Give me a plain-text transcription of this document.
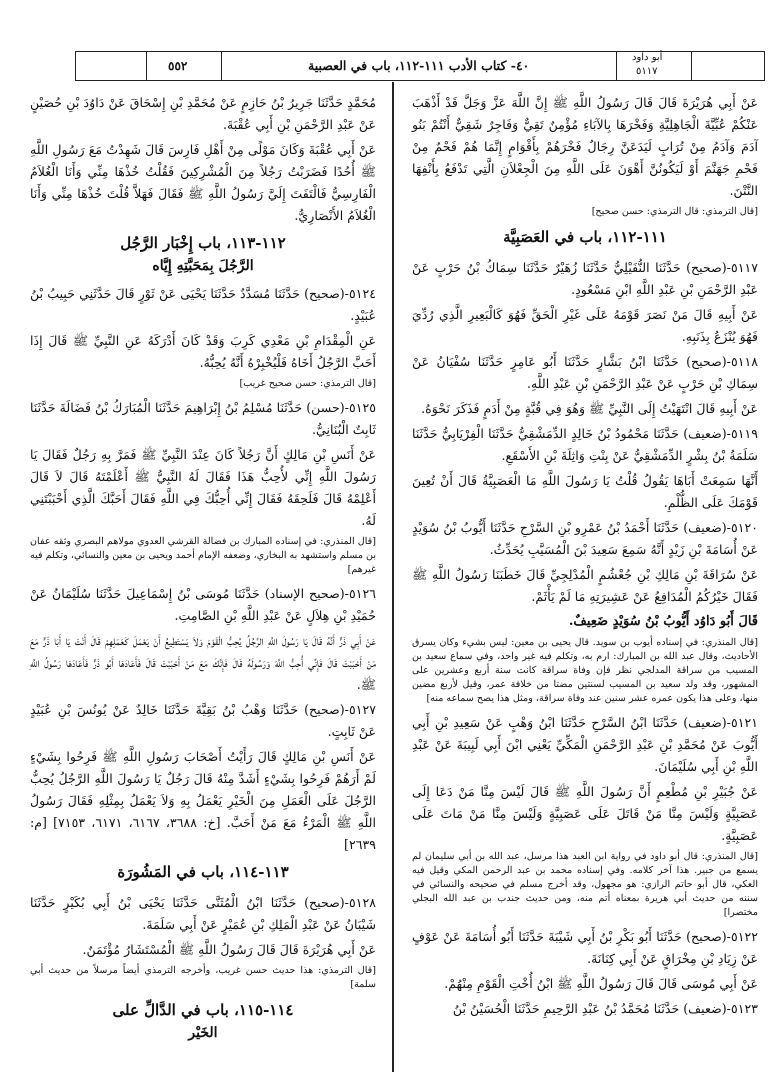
٥٥٢	٤٠- كتاب الأدب ١١١-١١٢، باب في العصبية
أبو داود
٥١١٧

عَنْ أَبِي هُرَيْرَةَ قَالَ قَالَ رَسُولُ اللَّهِ ﷺ إِنَّ اللَّهَ عَزَّ وَجَلَّ قَدْ أَذْهَبَ عَنْكُمْ عُبِّيَّةَ الْجَاهِلِيَّةِ وَفَخْرَهَا بِالآبَاءِ مُؤْمِنٌ تَقِيٌّ وَفَاجِرٌ شَقِيٌّ أَنْتُمْ بَنُو آدَمَ وَآدَمُ مِنْ تُرَابٍ لَيَدَعَنَّ رِجَالٌ فَخْرَهُمْ بِأَقْوَامٍ إِنَّمَا هُمْ فَحْمٌ مِنْ فَحْمِ جَهَنَّمَ أَوْ لَيَكُونُنَّ أَهْوَنَ عَلَى اللَّهِ مِنَ الْجِعْلاَنِ الَّتِي تَدْفَعُ بِأَنْفِهَا النَّتْنَ.

[قال الترمذي: قال الترمذي: حسن صحيح]

١١١-١١٢، باب في العَصَبِيَّة

٥١١٧-(صحيح) حَدَّثَنَا النُّفَيْلِيُّ حَدَّثَنَا زُهَيْرٌ حَدَّثَنَا سِمَاكُ بْنُ حَرْبٍ عَنْ عَبْدِ الرَّحْمَنِ بْنِ عَبْدِ اللَّهِ ابْنِ مَسْعُودٍ.

عَنْ أَبِيهِ قَالَ مَنْ نَصَرَ قَوْمَهُ عَلَى غَيْرِ الْحَقِّ فَهُوَ كَالْبَعِيرِ الَّذِي رُدِّيَ فَهُوَ يُنْزَعُ بِذَنَبِهِ.

٥١١٨-(صحيح) حَدَّثَنَا ابْنُ بَشَّارٍ حَدَّثَنَا أَبُو عَامِرٍ حَدَّثَنَا سُفْيَانُ عَنْ سِمَاكِ بْنِ حَرْبٍ عَنْ عَبْدِ الرَّحْمَنِ بْنِ عَبْدِ اللَّهِ.

عَنْ أَبِيهِ قَالَ انْتَهَيْتُ إِلَى النَّبِيِّ ﷺ وَهُوَ فِي قُبَّةٍ مِنْ أَدَمٍ فَذَكَرَ نَحْوَهُ.

٥١١٩-(ضعيف) حَدَّثَنَا مَحْمُودُ بْنُ خَالِدٍ الدِّمَشْقِيُّ حَدَّثَنَا الْفِرْيَابِيُّ حَدَّثَنَا سَلَمَةُ بْنُ بِشْرٍ الدِّمَشْقِيُّ عَنْ بِنْتِ وَاثِلَةَ بْنِ الأَسْقَعِ.

أَنَّهَا سَمِعَتْ أَبَاهَا يَقُولُ قُلْتُ يَا رَسُولَ اللَّهِ مَا الْعَصَبِيَّةُ قَالَ أَنْ تُعِينَ قَوْمَكَ عَلَى الظُّلْمِ.

٥١٢٠-(ضعيف) حَدَّثَنَا أَحْمَدُ بْنُ عَمْرِو بْنِ السَّرْحِ حَدَّثَنَا أَيُّوبُ بْنُ سُوَيْدٍ عَنْ أُسَامَةَ بْنِ زَيْدٍ أَنَّهُ سَمِعَ سَعِيدَ بْنَ الْمُسَيَّبِ يُحَدِّثُ.

عَنْ سُرَاقَةَ بْنِ مَالِكِ بْنِ جُعْشُمٍ الْمُدْلِجِيِّ قَالَ خَطَبَنَا رَسُولُ اللَّهِ ﷺ فَقَالَ خَيْرُكُمُ الْمُدَافِعُ عَنْ عَشِيرَتِهِ مَا لَمْ يَأْثَمْ.

قَالَ أَبُو دَاوُد أَيُّوبُ بْنُ سُوَيْدٍ ضَعِيفٌ.

[قال المنذري: في إسناده أيوب بن سويد. قال يحيى بن معين: ليس بشيء وكان يسرق الأحاديث، وقال عبد الله بن المبارك: ارم به، وتكلم فيه غير واحد، وفي سماع سعيد بن المسيب من سراقة المدلجي نظر فإن وفاة سراقة كانت سنة أربع وعشرين على المشهور، وقد ولد سعيد بن المسيب لسنتين مضتا من خلافة عمر، وقيل لأربع مضين منها، وعلى هذا يكون عمره عشر سنين عند وفاة سراقة، ومثل هذا يصح سماعه منه]

٥١٢١-(ضعيف) حَدَّثَنَا ابْنُ السَّرْحِ حَدَّثَنَا ابْنُ وَهْبٍ عَنْ سَعِيدِ بْنِ أَبِي أَيُّوبَ عَنْ مُحَمَّدِ بْنِ عَبْدِ الرَّحْمَنِ الْمَكِّيِّ يَعْنِي ابْنَ أَبِي لَبِيبَةَ عَنْ عَبْدِ اللَّهِ بْنِ أَبِي سُلَيْمَانَ.

عَنْ جُبَيْرِ بْنِ مُطْعِمٍ أَنَّ رَسُولَ اللَّهِ ﷺ قَالَ لَيْسَ مِنَّا مَنْ دَعَا إِلَى عَصَبِيَّةٍ وَلَيْسَ مِنَّا مَنْ قَاتَلَ عَلَى عَصَبِيَّةٍ وَلَيْسَ مِنَّا مَنْ مَاتَ عَلَى عَصَبِيَّةٍ.

[قال المنذري: قال أبو داود في رواية ابن العبد هذا مرسل، عبد الله بن أبي سليمان لم يسمع من جبير. هذا آخر كلامه. وفي إسناده محمد بن عبد الرحمن المكي وقيل فيه العكي، قال أبو حاتم الرازي: هو مجهول، وقد أخرج مسلم في صحيحه والنسائي في سننه من حديث أبي هريرة بمعناه أتم منه، ومن حديث جندب بن عبد الله البجلي مختصرا]

٥١٢٢-(صحيح) حَدَّثَنَا أَبُو بَكْرِ بْنُ أَبِي شَيْبَةَ حَدَّثَنَا أَبُو أُسَامَةَ عَنْ عَوْفٍ عَنْ زِيَادِ بْنِ مِخْرَاقٍ عَنْ أَبِي كِنَانَةَ.

عَنْ أَبِي مُوسَى قَالَ قَالَ رَسُولُ اللَّهِ ﷺ ابْنُ أُخْتِ الْقَوْمِ مِنْهُمْ.

٥١٢٣-(ضعيف) حَدَّثَنَا مُحَمَّدُ بْنُ عَبْدِ الرَّحِيمِ حَدَّثَنَا الْحُسَيْنُ بْنُ

مُحَمَّدٍ حَدَّثَنَا جَرِيرُ بْنُ حَازِمٍ عَنْ مُحَمَّدِ بْنِ إِسْحَاقَ عَنْ دَاوُدَ بْنِ حُصَيْنٍ عَنْ عَبْدِ الرَّحْمَنِ بْنِ أَبِي عُقْبَةَ.

عَنْ أَبِي عُقْبَةَ وَكَانَ مَوْلًى مِنْ أَهْلِ فَارِسَ قَالَ شَهِدْتُ مَعَ رَسُولِ اللَّهِ ﷺ أُحُدًا فَضَرَبْتُ رَجُلاً مِنَ الْمُشْرِكِينَ فَقُلْتُ خُذْهَا مِنِّي وَأَنَا الْغُلاَمُ الْفَارِسِيُّ فَالْتَفَتَ إِلَيَّ رَسُولُ اللَّهِ ﷺ فَقَالَ فَهَلاَّ قُلْتَ خُذْهَا مِنِّي وَأَنَا الْغُلاَمُ الأَنْصَارِيُّ.

١١٢-١١٣، باب إِخْبَار الرَّجُل

الرَّجُلَ بِمَحَبَّتِهِ إِيَّاه

٥١٢٤-(صحيح) حَدَّثَنَا مُسَدَّدٌ حَدَّثَنَا يَحْيَى عَنْ ثَوْرٍ قَالَ حَدَّثَنِي حَبِيبُ بْنُ عُبَيْدٍ.

عَنِ الْمِقْدَامِ بْنِ مَعْدِي كَرِبَ وَقَدْ كَانَ أَدْرَكَهُ عَنِ النَّبِيِّ ﷺ قَالَ إِذَا أَحَبَّ الرَّجُلُ أَخَاهُ فَلْيُخْبِرْهُ أَنَّهُ يُحِبُّهُ.

[قال الترمذي: حسن صحيح غريب]

٥١٢٥-(حسن) حَدَّثَنَا مُسْلِمُ بْنُ إِبْرَاهِيمَ حَدَّثَنَا الْمُبَارَكُ بْنُ فَضَالَةَ حَدَّثَنَا ثَابِتٌ الْبُنَانِيُّ.

عَنْ أَنَسِ بْنِ مَالِكٍ أَنَّ رَجُلاً كَانَ عِنْدَ النَّبِيِّ ﷺ فَمَرَّ بِهِ رَجُلٌ فَقَالَ يَا رَسُولَ اللَّهِ إِنِّي لأُحِبُّ هَذَا فَقَالَ لَهُ النَّبِيُّ ﷺ أَعْلَمْتَهُ قَالَ لاَ قَالَ أَعْلِمْهُ قَالَ فَلَحِقَهُ فَقَالَ إِنِّي أُحِبُّكَ فِي اللَّهِ فَقَالَ أَحَبَّكَ الَّذِي أَحْبَبْتَنِي لَهُ.

[قال المنذري: في إسناده المبارك بن فضالة القرشي العدوي مولاهم البصري وثقه عفان بن مسلم واستشهد به البخاري، وضعفه الإمام أحمد ويحيى بن معين والنسائي، وتكلم فيه غيرهم]

٥١٢٦-(صحيح الإسناد) حَدَّثَنَا مُوسَى بْنُ إِسْمَاعِيلَ حَدَّثَنَا سُلَيْمَانُ عَنْ حُمَيْدِ بْنِ هِلاَلٍ عَنْ عَبْدِ اللَّهِ بْنِ الصَّامِتِ.

عَنْ أَبِي ذَرٍّ أَنَّهُ قَالَ يَا رَسُولَ اللَّهِ الرَّجُلُ يُحِبُّ الْقَوْمَ وَلاَ يَسْتَطِيعُ أَنْ يَعْمَلَ كَعَمَلِهِمْ قَالَ أَنْتَ يَا أَبَا ذَرٍّ مَعَ مَنْ أَحْبَبْتَ قَالَ فَإِنِّي أُحِبُّ اللَّهَ وَرَسُولَهُ قَالَ فَإِنَّكَ مَعَ مَنْ أَحْبَبْتَ قَالَ فَأَعَادَهَا أَبُو ذَرٍّ فَأَعَادَهَا رَسُولُ اللَّهِ ﷺ.

٥١٢٧-(صحيح) حَدَّثَنَا وَهْبُ بْنُ بَقِيَّةَ حَدَّثَنَا خَالِدٌ عَنْ يُونُسَ بْنِ عُبَيْدٍ عَنْ ثَابِتٍ.

عَنْ أَنَسِ بْنِ مَالِكٍ قَالَ رَأَيْتُ أَصْحَابَ رَسُولِ اللَّهِ ﷺ فَرِحُوا بِشَيْءٍ لَمْ أَرَهُمْ فَرِحُوا بِشَيْءٍ أَشَدَّ مِنْهُ قَالَ رَجُلٌ يَا رَسُولَ اللَّهِ الرَّجُلُ يُحِبُّ الرَّجُلَ عَلَى الْعَمَلِ مِنَ الْخَيْرِ يَعْمَلُ بِهِ وَلاَ يَعْمَلُ بِمِثْلِهِ فَقَالَ رَسُولُ اللَّهِ ﷺ الْمَرْءُ مَعَ مَنْ أَحَبَّ. [خ: ٣٦٨٨، ٦١٦٧، ٦١٧١، ٧١٥٣] [م: ٢٦٣٩]

١١٣-١١٤، باب في المَشُورَة

٥١٢٨-(صحيح) حَدَّثَنَا ابْنُ الْمُثَنَّى حَدَّثَنَا يَحْيَى بْنُ أَبِي بُكَيْرٍ حَدَّثَنَا شَيْبَانُ عَنْ عَبْدِ الْمَلِكِ بْنِ عُمَيْرٍ عَنْ أَبِي سَلَمَةَ.

عَنْ أَبِي هُرَيْرَةَ قَالَ قَالَ رَسُولُ اللَّهِ ﷺ الْمُسْتَشَارُ مُؤْتَمَنٌ.

[قال الترمذي: هذا حديث حسن غريب، وأخرجه الترمذي أيضاً مرسلاً من حديث أبي سلمة]

١١٤-١١٥، باب في الدَّالِّ على

الخَيْر
